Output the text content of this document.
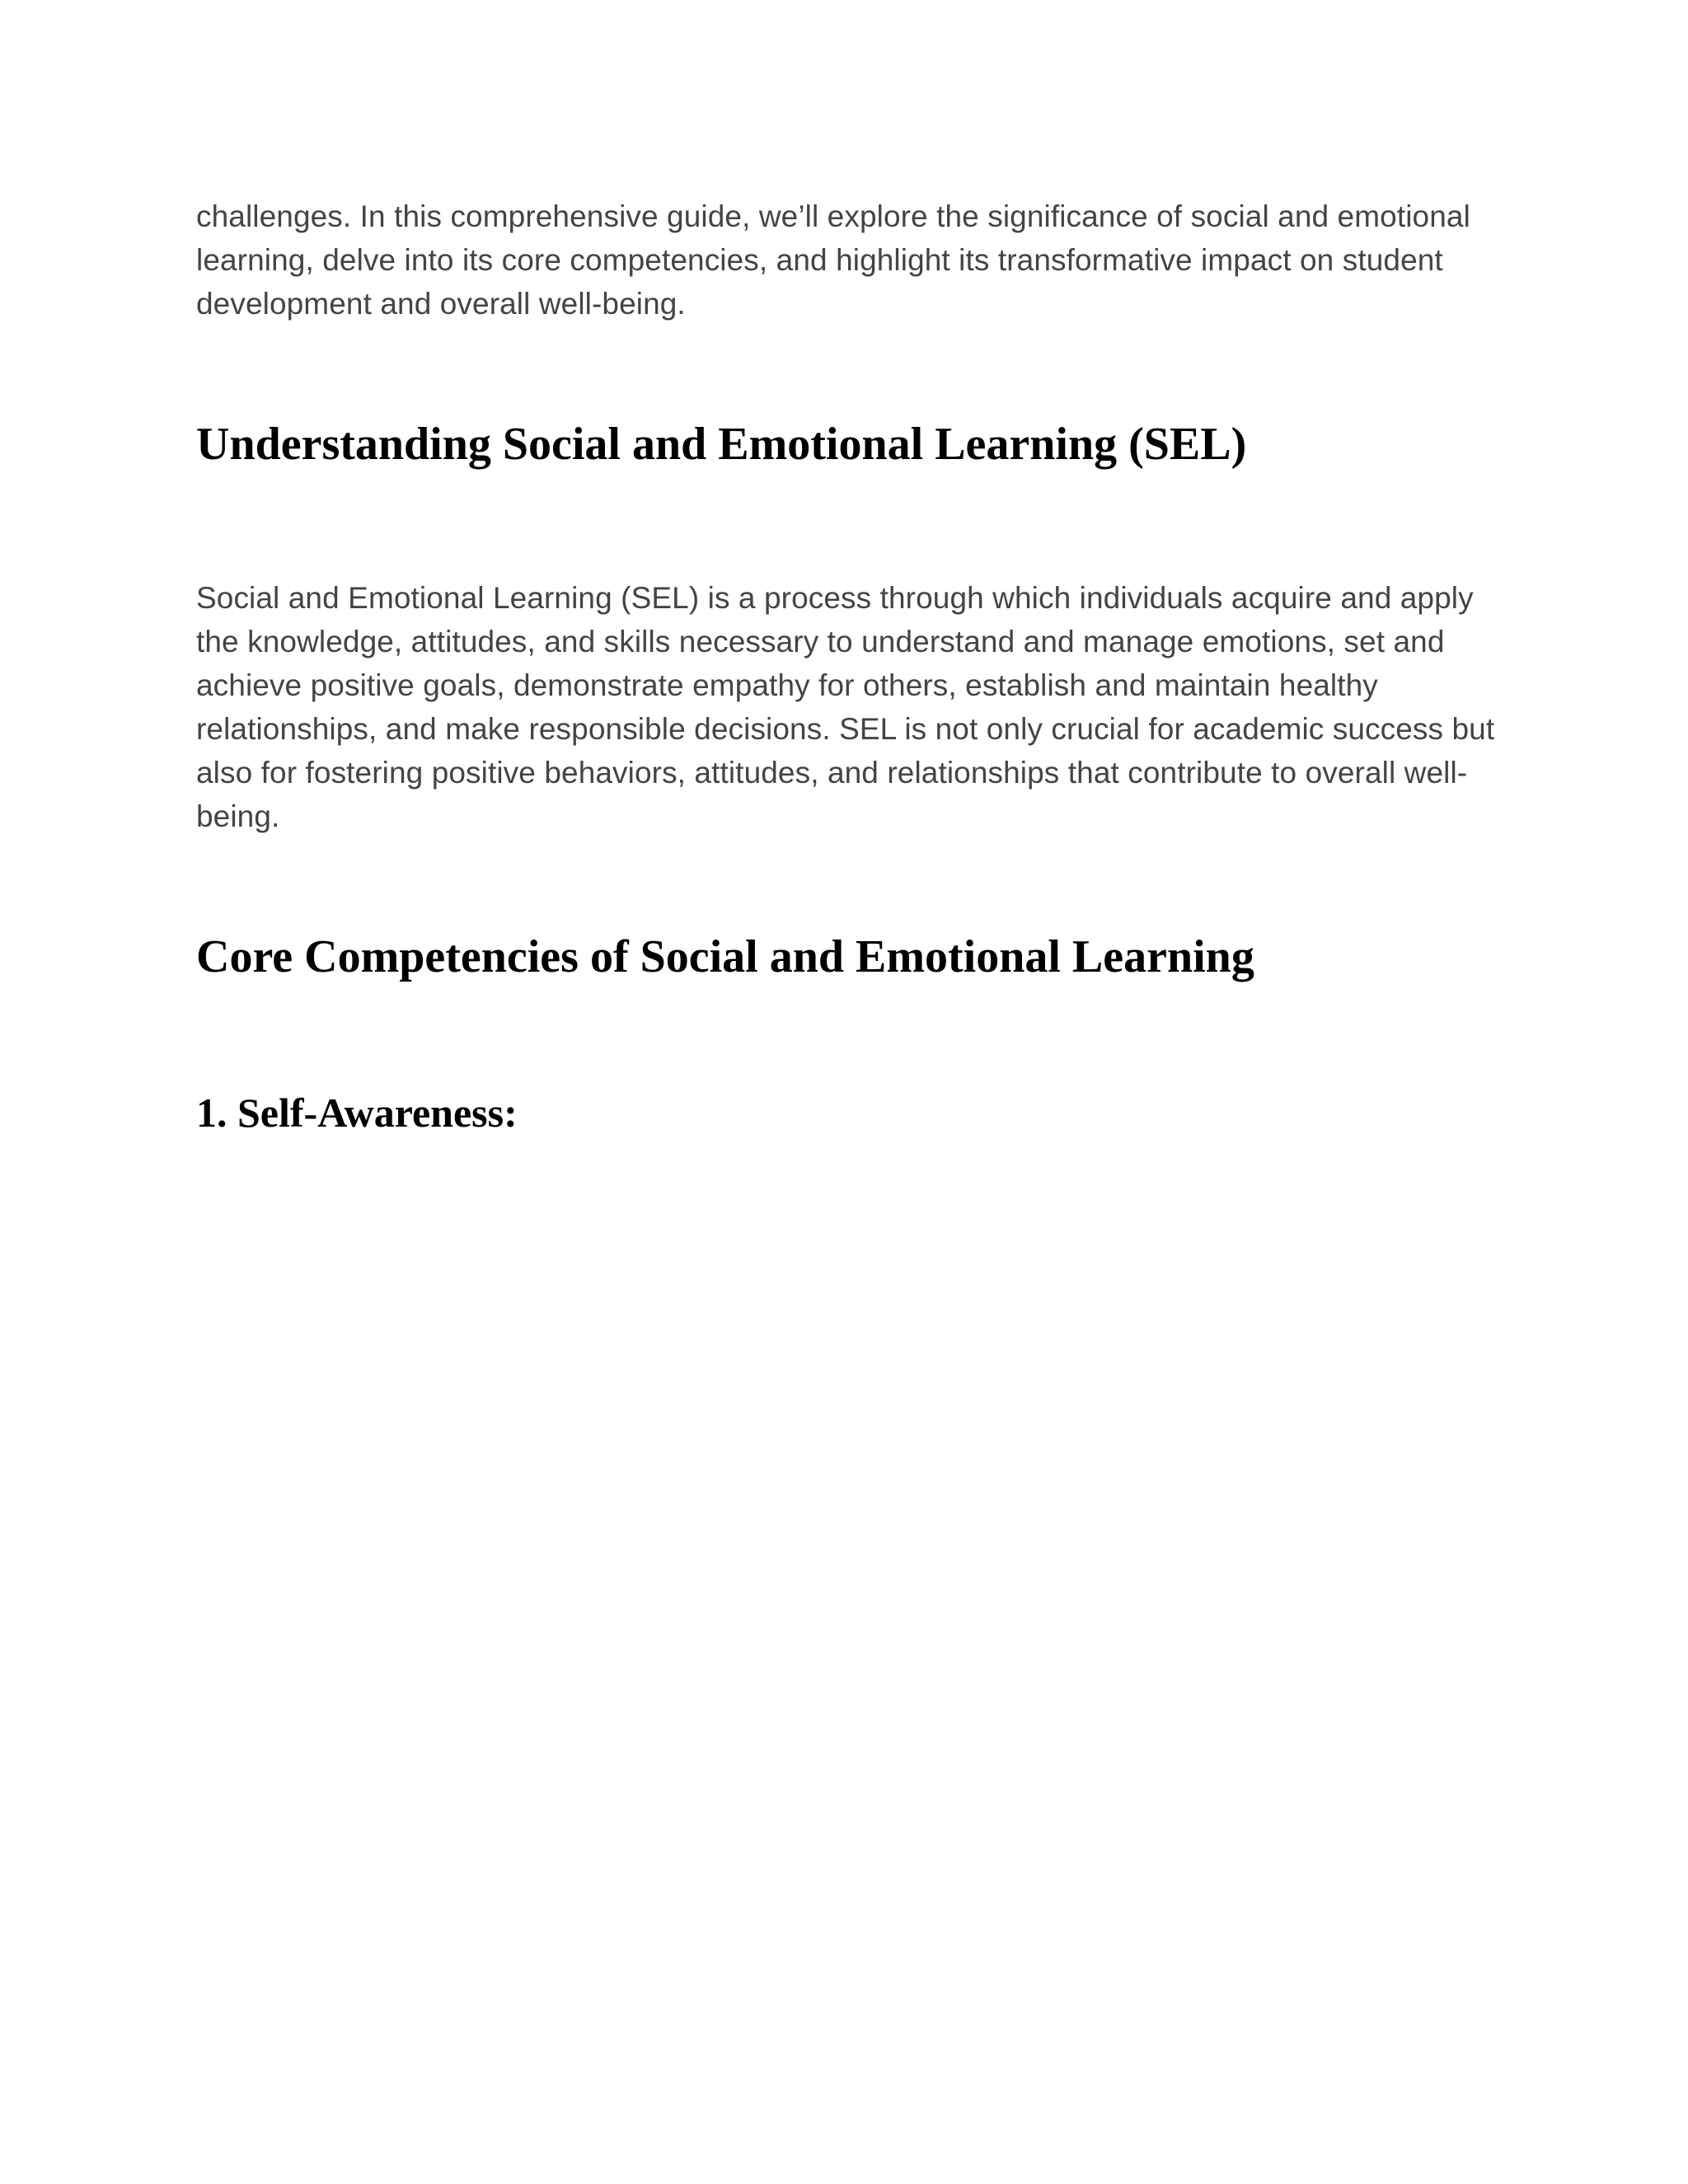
challenges. In this comprehensive guide, we’ll explore the significance of social and emotional learning, delve into its core competencies, and highlight its transformative impact on student development and overall well-being.

Understanding Social and Emotional Learning (SEL)

Social and Emotional Learning (SEL) is a process through which individuals acquire and apply the knowledge, attitudes, and skills necessary to understand and manage emotions, set and achieve positive goals, demonstrate empathy for others, establish and maintain healthy relationships, and make responsible decisions. SEL is not only crucial for academic success but also for fostering positive behaviors, attitudes, and relationships that contribute to overall well-being.

Core Competencies of Social and Emotional Learning
1. Self-Awareness:
